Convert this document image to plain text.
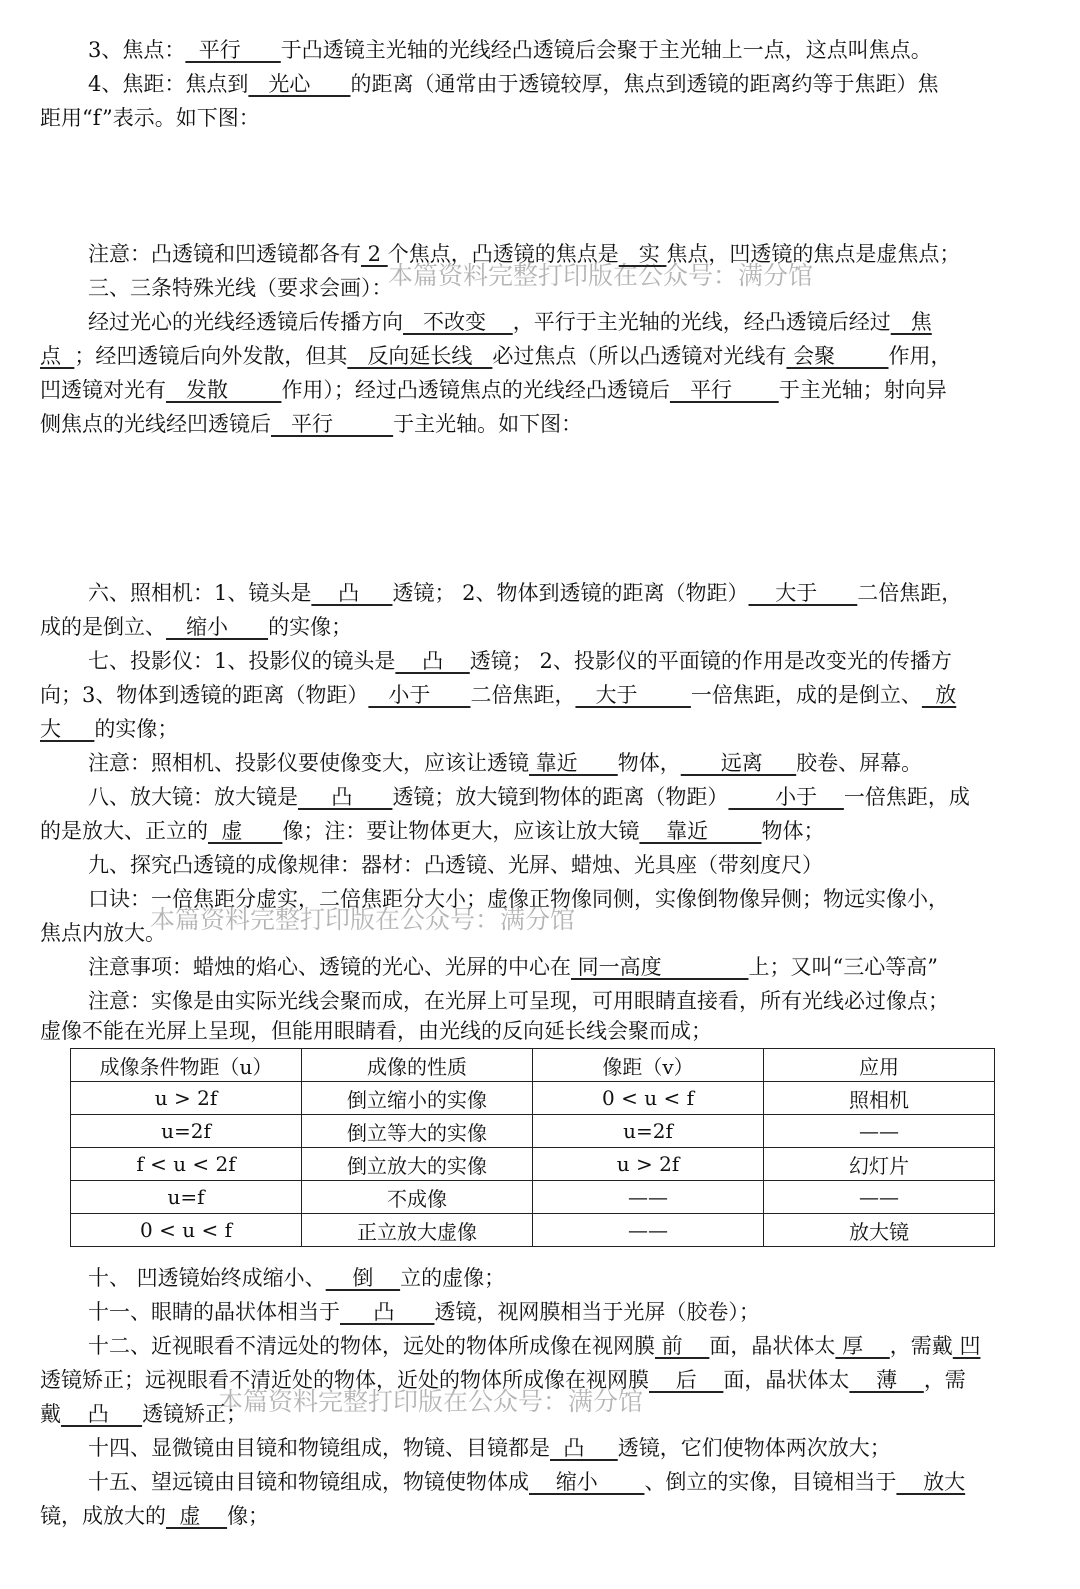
本篇资料完整打印版在公众号：满分馆
本篇资料完整打印版在公众号：满分馆
本篇资料完整打印版在公众号：满分馆
3、焦点：  平行      于凸透镜主光轴的光线经凸透镜后会聚于主光轴上一点，这点叫焦点。
4、焦距：焦点到   光心      的距离（通常由于透镜较厚，焦点到透镜的距离约等于焦距）焦
距用“f”表示。如下图：
注意：凸透镜和凹透镜都各有 2 个焦点，凸透镜的焦点是   实 焦点，凹透镜的焦点是虚焦点；
三、三条特殊光线（要求会画）：
经过光心的光线经透镜后传播方向   不改变    ，平行于主光轴的光线，经凸透镜后经过   焦
点  ；经凹透镜后向外发散，但其   反向延长线   必过焦点（所以凸透镜对光线有 会聚        作用，
凹透镜对光有   发散        作用）；经过凸透镜焦点的光线经凸透镜后   平行       于主光轴；射向异
侧焦点的光线经凹透镜后   平行         于主光轴。如下图：
六、照相机：1、镜头是    凸     透镜； 2、物体到透镜的距离（物距）    大于      二倍焦距，
成的是倒立、   缩小      的实像；
七、投影仪：1、投影仪的镜头是    凸    透镜； 2、投影仪的平面镜的作用是改变光的传播方
向；3、物体到透镜的距离（物距）   小于      二倍焦距，   大于        一倍焦距，成的是倒立、  放
大     的实像；
注意：照相机、投影仪要使像变大，应该让透镜 靠近      物体，      远离     胶卷、屏幕。
八、放大镜：放大镜是     凸      透镜；放大镜到物体的距离（物距）       小于    一倍焦距，成
的是放大、正立的  虚      像；注：要让物体更大，应该让放大镜    靠近        物体；
九、探究凸透镜的成像规律：器材：凸透镜、光屏、蜡烛、光具座（带刻度尺）
口诀：一倍焦距分虚实，二倍焦距分大小；虚像正物像同侧，实像倒物像异侧；物远实像小，
焦点内放大。
注意事项：蜡烛的焰心、透镜的光心、光屏的中心在 同一高度             上；又叫“三心等高”
注意：实像是由实际光线会聚而成，在光屏上可呈现，可用眼睛直接看，所有光线必过像点；
虚像不能在光屏上呈现，但能用眼睛看，由光线的反向延长线会聚而成；
成像条件物距（u）	成像的性质	像距（v）	应用
u > 2f	倒立缩小的实像	0 < u < f	照相机
u=2f	倒立等大的实像	u=2f	——
f < u < 2f	倒立放大的实像	u > 2f	幻灯片
u=f	不成像	——	——
0 < u < f	正立放大虚像	——	放大镜
十、 凹透镜始终成缩小、    倒    立的虚像；
十一、眼睛的晶状体相当于     凸      透镜，视网膜相当于光屏（胶卷）；
十二、近视眼看不清远处的物体，远处的物体所成像在视网膜 前    面，晶状体太 厚    ，需戴 凹
透镜矫正；远视眼看不清近处的物体，近处的物体所成像在视网膜    后    面，晶状体太    薄    ，需
戴    凸     透镜矫正；
十四、显微镜由目镜和物镜组成，物镜、目镜都是  凸     透镜，它们使物体两次放大；
十五、望远镜由目镜和物镜组成，物镜使物体成    缩小       、倒立的实像，目镜相当于    放大
镜，成放大的  虚    像；
